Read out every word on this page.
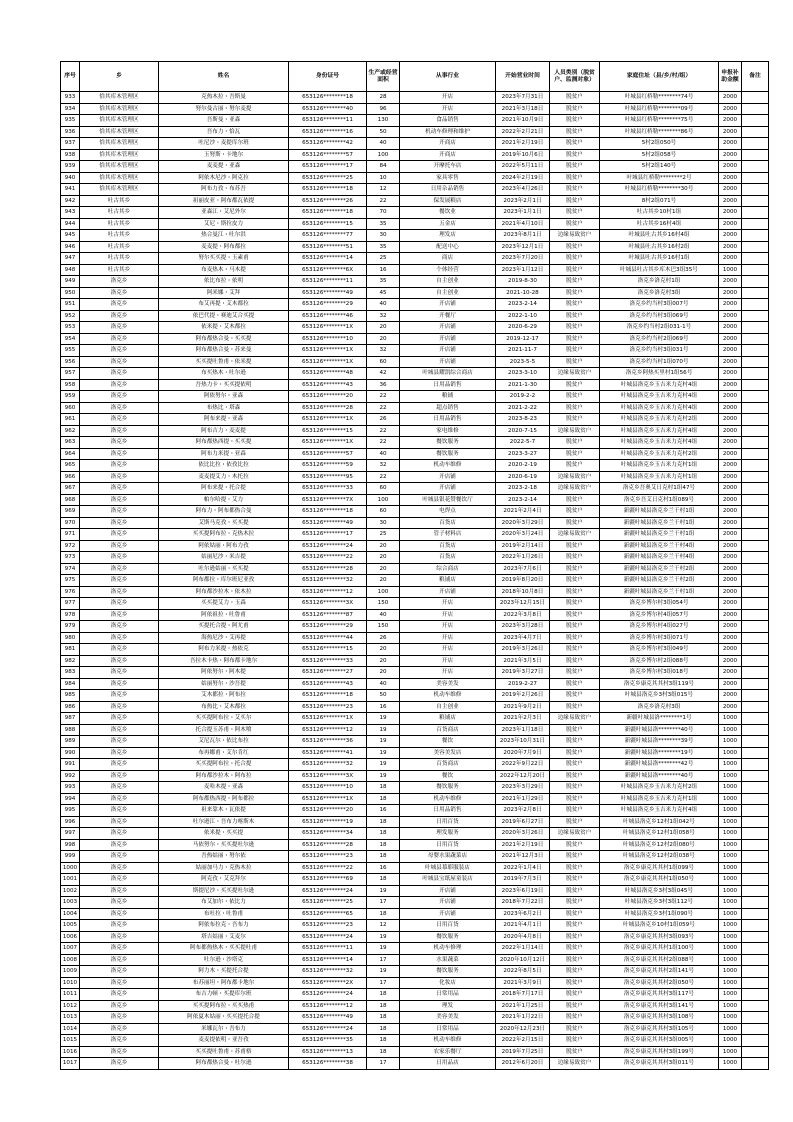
序号	乡	姓名	身份证号	生产或经营面积	从事行业	开始营业时间	人员类别（脱贫户、监测对象）	家庭住址（县/乡/村/组）	申报补助金额	备注
933	恰其库木管理区	克热木拉・吾斯曼	653126********18	28	开店	2023年7月31日	脱贫户	叶城县红桥勒********74号	2000	
934	恰其库木管理区	努尔曼古丽・努尔麦提	653126********40	96	开店	2021年3月18日	脱贫户	叶城县红桥勒********09号	2000	
935	恰其库木管理区	吾斯曼・亚森	653126********11	130	食品销售	2021年10月9日	脱贫户	叶城县红桥勒********75号	2000	
936	恰其库木管理区	吾布力・恰瓦	653126********16	50	机动车修理和维护	2022年2月21日	脱贫户	叶城县红桥勒********86号	2000	
937	恰其库木管理区	吐尼沙・麦提库尔班	653126********42	40	开商店	2021年2月19日	脱贫户	5村2组050号	2000	
938	恰其库木管理区	玉努斯・卡地尔	653126********57	100	开商店	2019年10月6日	脱贫户	5村2组058号	2000	
939	恰其库木管理区	麦麦提・亚森	653126********17	84	开摩托车店	2022年5月11日	脱贫户	5村2组140号	2000	
940	恰其库木管理区	阿依木尼沙・阿克拉	653126********25	10	家具零售	2024年2月19日	脱贫户	叶城县红桥勒********2号	2000	
941	恰其库木管理区	阿布力孜・布苏吾	653126********18	12	日用杂品销售	2023年4月26日	脱贫户	叶城县红桥勒********30号	2000	
942	吐古其乡	祖丽皮亚・阿布都瓦依提	653126********26	22	保发展粮店	2023年2月1日	脱贫户	8村2组071号	2000	
943	吐古其乡	亚森江・艾尼外尔	653126********18	70	餐饮业	2023年1月1日	脱贫户	吐古其乡10村1组	2000	
944	吐古其乡	艾尼・斯拉皮力	653126********15	35	五金店	2021年4月10日	脱贫户	吐古其乡16村4组	2000	
945	吐古其乡	热合曼江・吐尔洪	653126********77	30	理发店	2023年8月1日	边缘易致贫户	叶城县吐古其乡16村4组	2000	
946	吐古其乡	麦麦提・阿布都拉	653126********51	35	配送中心	2023年12月1日	脱贫户	叶城县吐古其乡16村2组	2000	
947	吐古其乡	努尔买买提・玉素甫	653126********14	25	商店	2023年7月20日	脱贫户	叶城县吐古其乡16村1组	2000	
948	吐古其乡	布麦热木・马木提	653126********6X	16	个体经营	2023年1月12日	脱贫户	叶城县吐古其乡库木巴3组35号	1000	
949	洛克乡	依比布拉・依明	653126********11	35	自主创业	2019-8-30	脱贫户	洛克乡洛克村1组	2000	
950	洛克乡	阿米娜・艾拜	653126********49	45	自主创业	2021-10-28	脱贫户	洛克乡洛克村3组	2000	
951	洛克乡	布艾再提・艾木都拉	653126********29	40	开店铺	2023-2-14	脱贫户	洛克乡约当村3组007号	2000	
952	洛克乡	依巴代提・赛迪艾合买提	653126********46	32	开餐厅	2022-1-10	脱贫户	洛克乡约当村3组069号	2000	
953	洛克乡	依米提・艾木都拉	653126********1X	20	开店铺	2020-6-29	脱贫户	洛克乡约当村2组031-1号	2000	
954	洛克乡	阿布都热合曼・买买提	653126********10	20	开店铺	2019-12-17	脱贫户	洛克乡约当村2组069号	2000	
955	洛克乡	阿布都热合曼・苏来曼	653126********1X	32	开店铺	2021-11-7	脱贫户	洛克乡约当村3组031号	2000	
956	洛克乡	买买提吐鲁甫・依米提	653126********1X	60	开店铺	2023-5-5	脱贫户	洛克乡约当村1组070号	2000	
957	洛克乡	布买热木・吐尔逊	653126********48	42	叶城县耀凯综合商店	2023-3-10	边缘易致贫户	洛克乡阿热买里村1组56号	2000	
958	洛克乡	吾热力卡・买买提依明	653126********43	36	日用品销售	2021-1-30	脱贫户	叶城县洛克乡玉吉米力克村4组	2000	
959	洛克乡	阿依努尔・亚森	653126********20	22	粮铺	2019-2-2	脱贫户	叶城县洛克乡玉吉米力克村4组	2000	
960	洛克乡	布热比・塔森	653126********28	22	超点销售	2021-2-22	脱贫户	叶城县洛克乡玉吉米力克村4组	2000	
961	洛克乡	阿布来提・亚森	653126********1X	26	日用品销售	2023-8-23	脱贫户	叶城县洛克乡玉吉米力克村2组	2000	
962	洛克乡	阿布吉力・麦麦提	653126********15	22	家电维修	2020-7-15	边缘易致贫户	叶城县洛克乡玉吉米力克村4组	2000	
963	洛克乡	阿布都热西提・买买提	653126********1X	22	餐饮服务	2022-5-7	脱贫户	叶城县洛克乡玉吉米力克村4组	2000	
964	洛克乡	阿布力米提・亚森	653126********57	40	餐饮服务	2023-3-27	脱贫户	叶城县洛克乡玉吉米力克村2组	2000	
965	洛克乡	依比比拉・依孜比拉	653126********59	32	机动车维修	2020-2-19	脱贫户	叶城县洛克乡玉吉米力克村1组	2000	
966	洛克乡	麦麦提艾力・木托拉	653126********95	22	开店铺	2020-6-19	边缘易致贫户	叶城县洛克乡玉吉米力克村1组	2000	
967	洛克乡	阿布来提・托合提	653126********33	60	开店铺	2023-2-18	边缘易致贫户	洛克乡吾奥艾日克村1组47号	2000	
968	洛克乡	帕尔哈提・艾力	653126********7X	100	叶城县银花赞餐饮厅	2023-2-14	脱贫户	洛克乡吾艾日克村1组089号	2000	
969	洛克乡	阿布力・阿布都热合曼	653126********18	60	电焊点	2021年2月4日	脱贫户	新疆叶城县洛克乡兰干村1组	2000	
970	洛克乡	艾斯马克孜・买买提	653126********49	30	百货店	2020年3月29日	脱贫户	新疆叶城县洛克乡兰干村1组	2000	
971	洛克乡	买买提阿布拉・克热木拉	653126********17	25	管子材料店	2020年3月24日	边缘易致贫户	新疆叶城县洛克乡兰干村1组	2000	
972	洛克乡	阿依姑丽・阿布力孜	653126********24	20	百货店	2019年2月14日	脱贫户	新疆叶城县洛克乡兰干村4组	2000	
973	洛克乡	姑丽尼沙・米吉提	653126********22	20	百货店	2022年1月26日	脱贫户	新疆叶城县洛克乡兰干村4组	2000	
974	洛克乡	吐尔逊姑丽・买买提	653126********28	20	综合商店	2023年7月6日	脱贫户	新疆叶城县洛克乡兰干村2组	2000	
975	洛克乡	阿布都拉・库尔班尼亚孜	653126********32	20	粮铺店	2019年8月20日	脱贫户	新疆叶城县洛克乡兰干村2组	2000	
976	洛克乡	阿布都沙拉木・依木拉	653126********12	100	开店铺	2018年10月8日	脱贫户	新疆叶城县洛克乡兰干村1组	2000	
977	洛克乡	买买提艾力・玉森	653126********3X	150	开店	2023年12月15日	脱贫户	洛克乡博尔村3组054号	2000	
978	洛克乡	阿依祖拉・吐鲁甫	653126********87	40	开店	2022年3月8日	脱贫户	洛克乡博尔村4组057号	2000	
979	洛克乡	买提托合提・阿尤甫	653126********29	150	开店	2023年3月28日	脱贫户	洛克乡博尔村4组027号	2000	
980	洛克乡	海热尼沙・艾再提	653126********44	26	开店	2023年4月7日	脱贫户	洛克乡博尔村3组071号	2000	
981	洛克乡	阿布力米提・热依克	653126********15	20	开店	2019年3月26日	脱贫户	洛克乡博尔村3组049号	2000	
982	洛克乡	吾拉木卡热・阿布都卡地尔	653126********33	20	开店	2021年3月5日	脱贫户	洛克乡博尔村2组088号	2000	
983	洛克乡	阿依努尔・阿木提	653126********27	20	开店	2019年3月27日	脱贫户	洛克乡博尔村3组018号	2000	
984	洛克乡	姑丽努尔・沙吾提	653126********43	40	美容美发	2019-2-27	脱贫户	洛克乡康克其其村3组119号	2000	
985	洛克乡	艾木都拉・阿布拉	653126********18	50	机动车维修	2019年2月26日	脱贫户	叶城县洛克乡3村3组015号	2000	
986	洛克乡	布热比・艾木都拉	653126********23	16	自主创业	2021年9月2日	脱贫户	洛克乡洛克村3组	2000	
987	洛克乡	买买提阿布拉・艾买尔	653126********1X	19	粮铺店	2021年2月3日	边缘易致贫户	新疆叶城县洛********1号	1000	
988	洛克乡	托合提玉苏甫・阿木喷	653126********12	19	百货商店	2023年1月18日	脱贫户	新疆叶城县洛********40号	1000	
989	洛克乡	艾尼瓦尔・依比布拉	653126********36	19	餐饮	2023年10月31日	脱贫户	新疆叶城县洛********39号	1000	
990	洛克乡	布再娜甫・艾尔肯红	653126********41	19	美容美发店	2020年7月9日	脱贫户	新疆叶城县洛********19号	1000	
991	洛克乡	买买提阿布拉・托合提	653126********32	19	百货商店	2022年9月22日	脱贫户	新疆叶城县洛********42号	1000	
992	洛克乡	阿布都沙拉木・阿布拉	653126********3X	19	餐饮	2022年12月20日	脱贫户	新疆叶城县洛********40号	1000	
993	洛克乡	麦哈木提・亚森	653126********10	18	餐饮服务	2023年3月29日	脱贫户	叶城县洛克乡玉吉米力克村2组	1000	
994	洛克乡	阿布都热西提・阿布都拉	653126********1X	18	机动车维修	2021年1月29日	脱贫户	叶城县洛克乡玉吉米力克村1组	1000	
995	洛克乡	祖来靠木・瓦依提	653126********20	16	日用品销售	2023年2月8日	脱贫户	叶城县洛克乡玉吉米力克村4组	1000	
996	洛克乡	吐尔逊江・吾布力喀斯木	653126********19	18	日用百货	2019年6月27日	脱贫户	叶城县洛克乡12村1组042号	1000	
997	洛克乡	依米提・买买提	653126********34	18	理发服务	2020年3月26日	边缘易致贫户	叶城县洛克乡12村1组058号	1000	
998	洛克乡	马依努尔・买买提吐尔逊	653126********28	18	日用百货	2021年2月19日	脱贫户	叶城县洛克乡12村2组080号	1000	
999	洛克乡	吾热姑丽・努尔依	653126********23	18	母婴水果蔬菜店	2021年12月3日	脱贫户	叶城县洛克乡12村2组038号	1000	
1000	洛克乡	姑丽加马力・克热木拉	653126********22	16	叶城县慕耶服装店	2022年1月4日	脱贫户	洛克乡康克其其村1组099号	1000	
1001	洛克乡	阿克孜・艾克拜尔	653126********69	18	叶城县宝纸屋童装店	2019年7月3日	脱贫户	洛克乡康克其其村1组050号	1000	
1002	洛克乡	斯提尼沙・买买提吐尔逊	653126********24	19	开店铺	2023年6月19日	脱贫户	叶城县洛克乡3村3组045号	1000	
1003	洛克乡	布艾加尔・依比力	653126********25	17	开店铺	2018年7月22日	脱贫户	叶城县洛克乡3村3组112号	1000	
1004	洛克乡	布吐拉・吐鲁甫	653126********65	18	开店铺	2023年6月2日	脱贫户	叶城县洛克乡3村1组090号	1000	
1005	洛克乡	阿依布拉克・吾布力	653126********23	12	日用百货	2021年4月1日	脱贫户	叶城县洛克乡10村1组059号	1000	
1006	洛克乡	塔吉姑丽・艾麦尔	653126********24	19	餐饮服务	2020年4月8日	脱贫户	洛克乡康克其其村3组093号	1000	
1007	洛克乡	阿布都热热木・买买提吐甫	653126********11	19	机动车修理	2022年1月14日	脱贫户	洛克乡康克其其村1组100号	1000	
1008	洛克乡	吐尔逊・沙塔克	653126********14	17	水果蔬菜	2020年10月12日	脱贫户	洛克乡康克其其村2组088号	1000	
1009	洛克乡	阿力木・买提托合提	653126********32	19	餐饮服务	2022年8月5日	脱贫户	洛克乡康克其其村2组141号	1000	
1010	洛克乡	布苏丽坦・阿布都卡地尔	653126********2X	17	化妆店	2021年3月9日	脱贫户	洛克乡康克其其村2组050号	1000	
1011	洛克乡	布吉力顿・买提库尔班	653126********24	18	日常用品	2018年7月17日	脱贫户	洛克乡康克其其村3组117号	1000	
1012	洛克乡	买买提阿布拉・买买热甫	653126********12	18	理发	2021年1月25日	脱贫户	洛克乡康克其其村3组141号	1000	
1013	洛克乡	阿依夏木姑丽・买买提托合提	653126********49	18	美容美发	2021年1月22日	脱贫户	洛克乡康克其其村3组108号	1000	
1014	洛克乡	米娜瓦尔・吾布力	653126********24	18	日常用品	2020年12月23日	脱贫户	洛克乡康克其其村3组105号	1000	
1015	洛克乡	麦麦提依明・亚吾孜	653126********35	18	机动车维修	2022年2月15日	脱贫户	洛克乡康克其其村3组005号	1000	
1016	洛克乡	买买提吐鲁甫・苏甫格	653126********13	18	农家乐餐厅	2019年7月25日	脱贫户	洛克乡康克其其村3组199号	1000	
1017	洛克乡	阿布都热合曼・吐尔逊	653126********38	17	日用品店	2012年6月20日	边缘易致贫户	洛克乡康克其其村3组011号	1000	
